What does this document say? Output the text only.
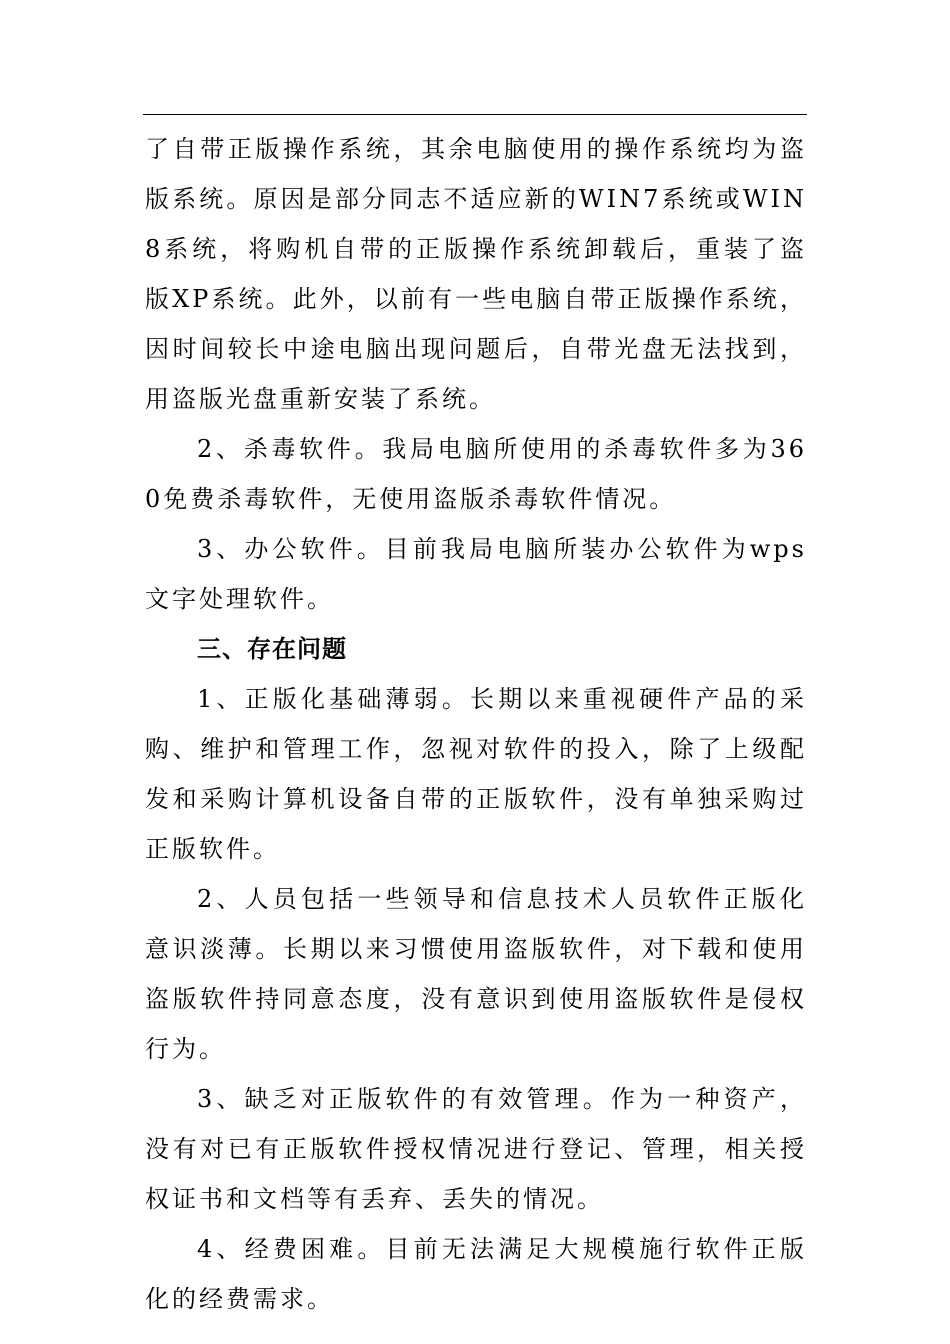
了自带正版操作系统，其余电脑使用的操作系统均为盗版系统。原因是部分同志不适应新的WIN7系统或WIN8系统，将购机自带的正版操作系统卸载后，重装了盗版XP系统。此外，以前有一些电脑自带正版操作系统，因时间较长中途电脑出现问题后，自带光盘无法找到，用盗版光盘重新安装了系统。

2、杀毒软件。我局电脑所使用的杀毒软件多为360免费杀毒软件，无使用盗版杀毒软件情况。

3、办公软件。目前我局电脑所装办公软件为wps文字处理软件。

三、存在问题

1、正版化基础薄弱。长期以来重视硬件产品的采购、维护和管理工作，忽视对软件的投入，除了上级配发和采购计算机设备自带的正版软件，没有单独采购过正版软件。

2、人员包括一些领导和信息技术人员软件正版化意识淡薄。长期以来习惯使用盗版软件，对下载和使用盗版软件持同意态度，没有意识到使用盗版软件是侵权行为。

3、缺乏对正版软件的有效管理。作为一种资产，没有对已有正版软件授权情况进行登记、管理，相关授权证书和文档等有丢弃、丢失的情况。

4、经费困难。目前无法满足大规模施行软件正版化的经费需求。
